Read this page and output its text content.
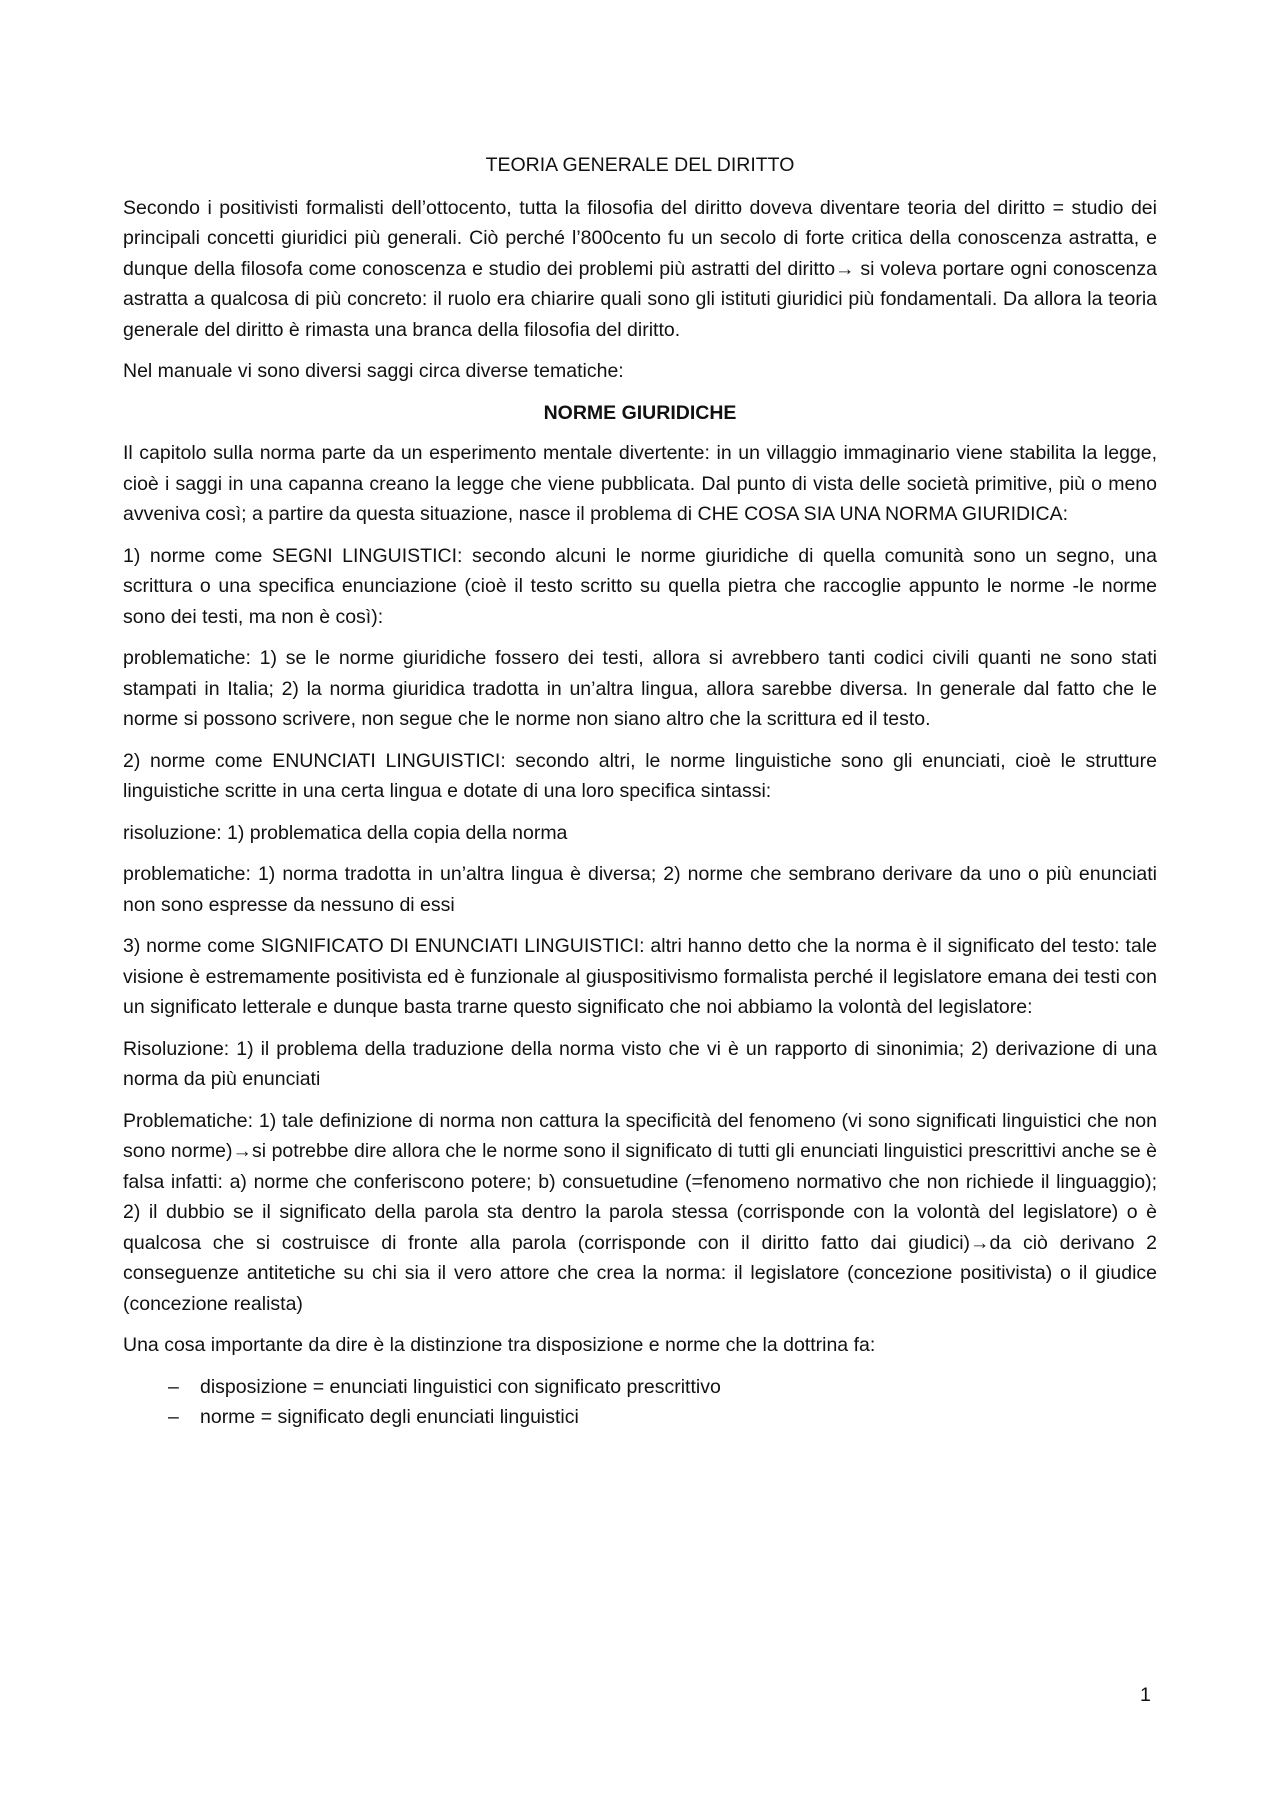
TEORIA GENERALE DEL DIRITTO

Secondo i positivisti formalisti dell’ottocento, tutta la filosofia del diritto doveva diventare teoria del diritto = studio dei principali concetti giuridici più generali. Ciò perché l’800cento fu un secolo di forte critica della conoscenza astratta, e dunque della filosofa come conoscenza e studio dei problemi più astratti del diritto→ si voleva portare ogni conoscenza astratta a qualcosa di più concreto: il ruolo era chiarire quali sono gli istituti giuridici più fondamentali. Da allora la teoria generale del diritto è rimasta una branca della filosofia del diritto.

Nel manuale vi sono diversi saggi circa diverse tematiche:

NORME GIURIDICHE

Il capitolo sulla norma parte da un esperimento mentale divertente: in un villaggio immaginario viene stabilita la legge, cioè i saggi in una capanna creano la legge che viene pubblicata. Dal punto di vista delle società primitive, più o meno avveniva così; a partire da questa situazione, nasce il problema di CHE COSA SIA UNA NORMA GIURIDICA:

1) norme come SEGNI LINGUISTICI: secondo alcuni le norme giuridiche di quella comunità sono un segno, una scrittura o una specifica enunciazione (cioè il testo scritto su quella pietra che raccoglie appunto le norme -le norme sono dei testi, ma non è così):

problematiche: 1) se le norme giuridiche fossero dei testi, allora si avrebbero tanti codici civili quanti ne sono stati stampati in Italia; 2) la norma giuridica tradotta in un’altra lingua, allora sarebbe diversa. In generale dal fatto che le norme si possono scrivere, non segue che le norme non siano altro che la scrittura ed il testo.

2) norme come ENUNCIATI LINGUISTICI: secondo altri, le norme linguistiche sono gli enunciati, cioè le strutture linguistiche scritte in una certa lingua e dotate di una loro specifica sintassi:

risoluzione: 1) problematica della copia della norma

problematiche: 1) norma tradotta in un’altra lingua è diversa; 2) norme che sembrano derivare da uno o più enunciati non sono espresse da nessuno di essi

3) norme come SIGNIFICATO DI ENUNCIATI LINGUISTICI: altri hanno detto che la norma è il significato del testo: tale visione è estremamente positivista ed è funzionale al giuspositivismo formalista perché il legislatore emana dei testi con un significato letterale e dunque basta trarne questo significato che noi abbiamo la volontà del legislatore:

Risoluzione: 1) il problema della traduzione della norma visto che vi è un rapporto di sinonimia; 2) derivazione di una norma da più enunciati

Problematiche: 1) tale definizione di norma non cattura la specificità del fenomeno (vi sono significati linguistici che non sono norme)→si potrebbe dire allora che le norme sono il significato di tutti gli enunciati linguistici prescrittivi anche se è falsa infatti: a) norme che conferiscono potere; b) consuetudine (=fenomeno normativo che non richiede il linguaggio); 2) il dubbio se il significato della parola sta dentro la parola stessa (corrisponde con la volontà del legislatore) o è qualcosa che si costruisce di fronte alla parola (corrisponde con il diritto fatto dai giudici)→da ciò derivano 2 conseguenze antitetiche su chi sia il vero attore che crea la norma: il legislatore (concezione positivista) o il giudice (concezione realista)

Una cosa importante da dire è la distinzione tra disposizione e norme che la dottrina fa:

– disposizione = enunciati linguistici con significato prescrittivo
– norme = significato degli enunciati linguistici
1
